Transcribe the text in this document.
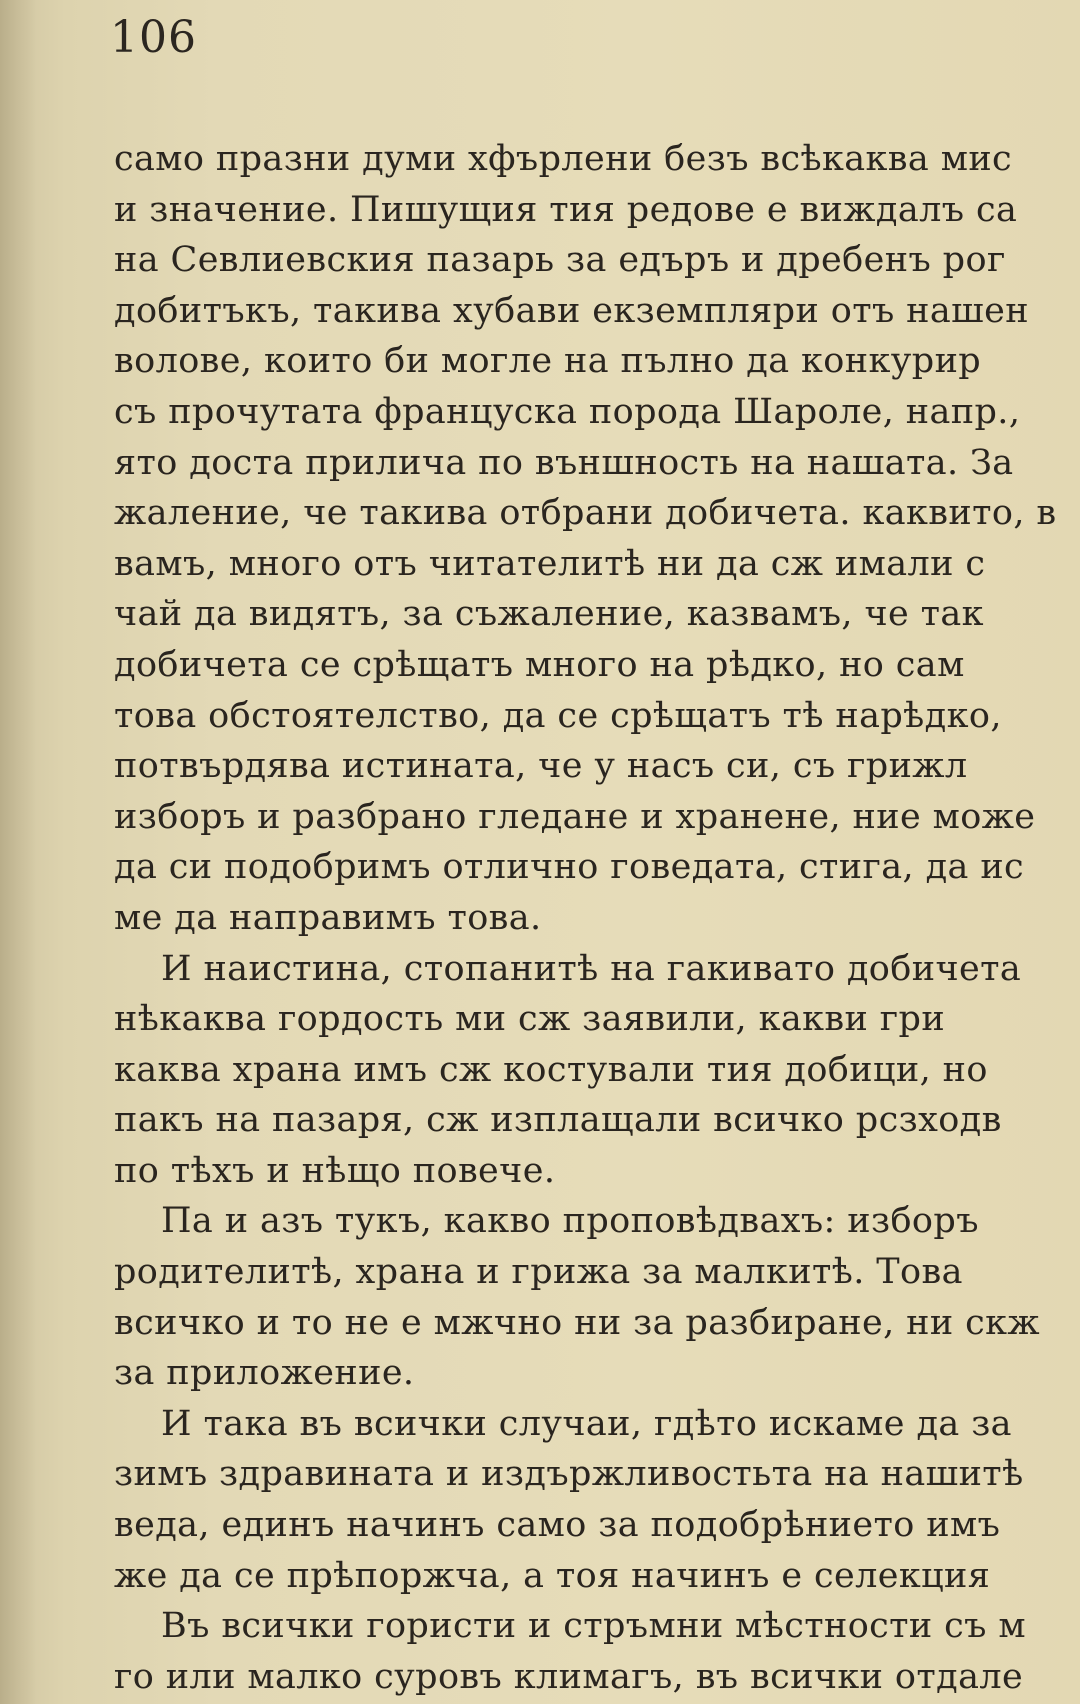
106
само празни думи хфърлени безъ всѣкаква мис
и значение. Пишущия тия редове е виждалъ са
на Севлиевския пазарь за едъръ и дребенъ рог
добитъкъ, такива хубави екземпляри отъ нашен
волове, които би могле на пълно да конкурир
съ прочутата француска порода Шароле, напр.,
ято доста прилича по външность на нашата. За
жаление, че такива отбрани добичета. каквито, в
вамъ, много отъ читателитѣ ни да сж имали с
чай да видятъ, за съжаление, казвамъ, че так
добичета се срѣщатъ много на рѣдко, но сам
това обстоятелство, да се срѣщатъ тѣ нарѣдко,
потвърдява истината, че у насъ си, съ грижл
изборъ и разбрано гледане и хранене, ние може
да си подобримъ отлично говедата, стига, да ис
ме да направимъ това.
И наистина, стопанитѣ на гакивато добичета
нѣкаква гордость ми сж заявили, какви гри
каква храна имъ сж костували тия добици, но
пакъ на пазаря, сж изплащали всичко рсзходв
по тѣхъ и нѣщо повече.
Па и азъ тукъ, какво проповѣдвахъ: изборъ
родителитѣ, храна и грижа за малкитѣ. Това
всичко и то не е мжчно ни за разбиране, ни скж
за приложение.
И така въ всички случаи, гдѣто искаме да за
зимъ здравината и издържливостьта на нашитѣ
веда, единъ начинъ само за подобрѣнието имъ
же да се прѣпоржча, а тоя начинъ е селекция
Въ всички гористи и стръмни мѣстности съ м
го или малко суровъ климагъ, въ всички отдале
